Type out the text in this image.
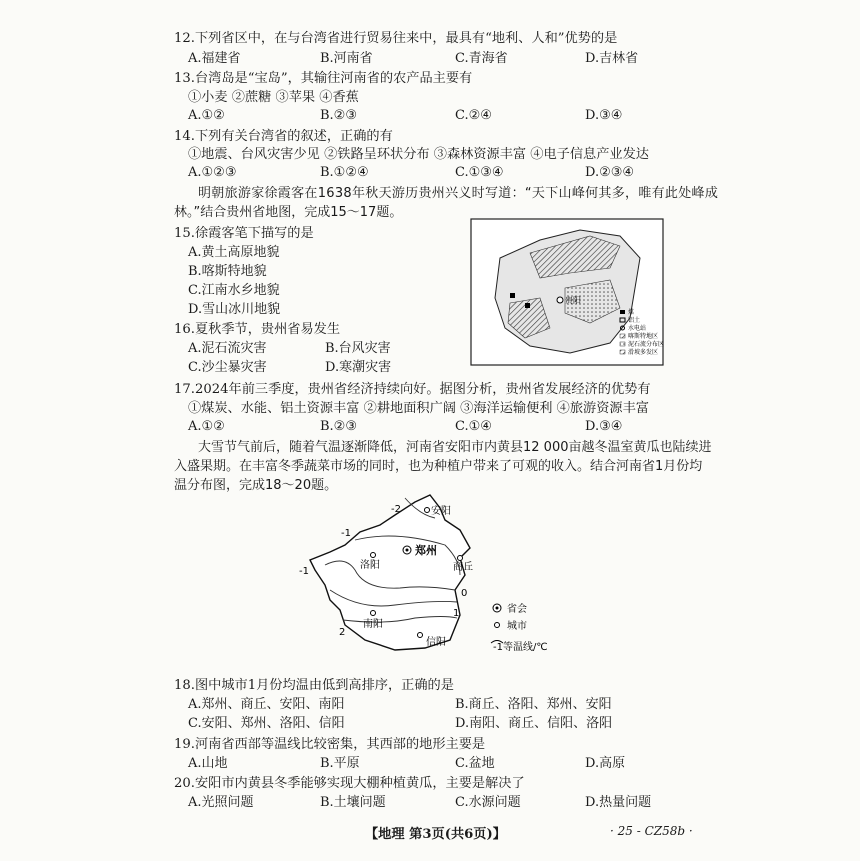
12.下列省区中，在与台湾省进行贸易往来中，最具有“地利、人和”优势的是
A.福建省	B.河南省	C.青海省	D.吉林省
13.台湾岛是“宝岛”，其输往河南省的农产品主要有
①小麦 ②蔗糖 ③苹果 ④香蕉
A.①②	B.②③	C.②④	D.③④
14.下列有关台湾省的叙述，正确的有
①地震、台风灾害少见 ②铁路呈环状分布 ③森林资源丰富 ④电子信息产业发达
A.①②③	B.①②④	C.①③④	D.②③④
明朝旅游家徐霞客在1638年秋天游历贵州兴义时写道：“天下山峰何其多，唯有此处峰成
林。”结合贵州省地图，完成15～17题。
15.徐霞客笔下描写的是
A.黄土高原地貌
B.喀斯特地貌
C.江南水乡地貌
D.雪山冰川地貌
16.夏秋季节，贵州省易发生
A.泥石流灾害	B.台风灾害
C.沙尘暴灾害	D.寒潮灾害
贵阳
煤
铝土
水电站
喀斯特地区
泥石流分布区
滑坡多发区
17.2024年前三季度，贵州省经济持续向好。据图分析，贵州省发展经济的优势有
①煤炭、水能、铝土资源丰富 ②耕地面积广阔 ③海洋运输便利 ④旅游资源丰富
A.①②	B.②③	C.①④	D.③④
大雪节气前后，随着气温逐渐降低，河南省安阳市内黄县12 000亩越冬温室黄瓜也陆续进
入盛果期。在丰富冬季蔬菜市场的同时，也为种植户带来了可观的收入。结合河南省1月份均
温分布图，完成18～20题。
安阳
郑州
洛阳	商丘
南阳
信阳
-2
-1
-1
0
1
2
省会
城市
-1等温线/℃
18.图中城市1月份均温由低到高排序，正确的是
A.郑州、商丘、安阳、南阳	B.商丘、洛阳、郑州、安阳
C.安阳、郑州、洛阳、信阳	D.南阳、商丘、信阳、洛阳
19.河南省西部等温线比较密集，其西部的地形主要是
A.山地	B.平原	C.盆地	D.高原
20.安阳市内黄县冬季能够实现大棚种植黄瓜，主要是解决了
A.光照问题	B.土壤问题	C.水源问题	D.热量问题
【地理 第3页(共6页)】	· 25 - CZ58b ·
